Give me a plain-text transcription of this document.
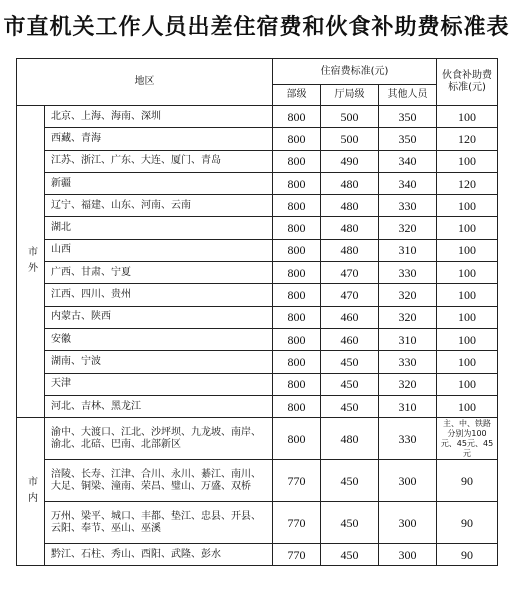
市直机关工作人员出差住宿费和伙食补助费标准表
地区		住宿费标准(元)			伙食补助费标准(元)
		部级	厅局级	其他人员	
市外	北京、上海、海南、深圳	800	500	350	100
	西藏、青海	800	500	350	120
	江苏、浙江、广东、大连、厦门、青岛	800	490	340	100
	新疆	800	480	340	120
	辽宁、福建、山东、河南、云南	800	480	330	100
	湖北	800	480	320	100
	山西	800	480	310	100
	广西、甘肃、宁夏	800	470	330	100
	江西、四川、贵州	800	470	320	100
	内蒙古、陕西	800	460	320	100
	安徽	800	460	310	100
	湖南、宁波	800	450	330	100
	天津	800	450	320	100
	河北、吉林、黑龙江	800	450	310	100
市内	渝中、大渡口、江北、沙坪坝、九龙坡、南岸、渝北、北碚、巴南、北部新区	800	480	330	主、中、铁路分别为100元、45元、45元
	涪陵、长寿、江津、合川、永川、綦江、南川、大足、铜梁、潼南、荣昌、璧山、万盛、双桥	770	450	300	90
	万州、梁平、城口、丰都、垫江、忠县、开县、云阳、奉节、巫山、巫溪	770	450	300	90
	黔江、石柱、秀山、酉阳、武隆、彭水	770	450	300	90
